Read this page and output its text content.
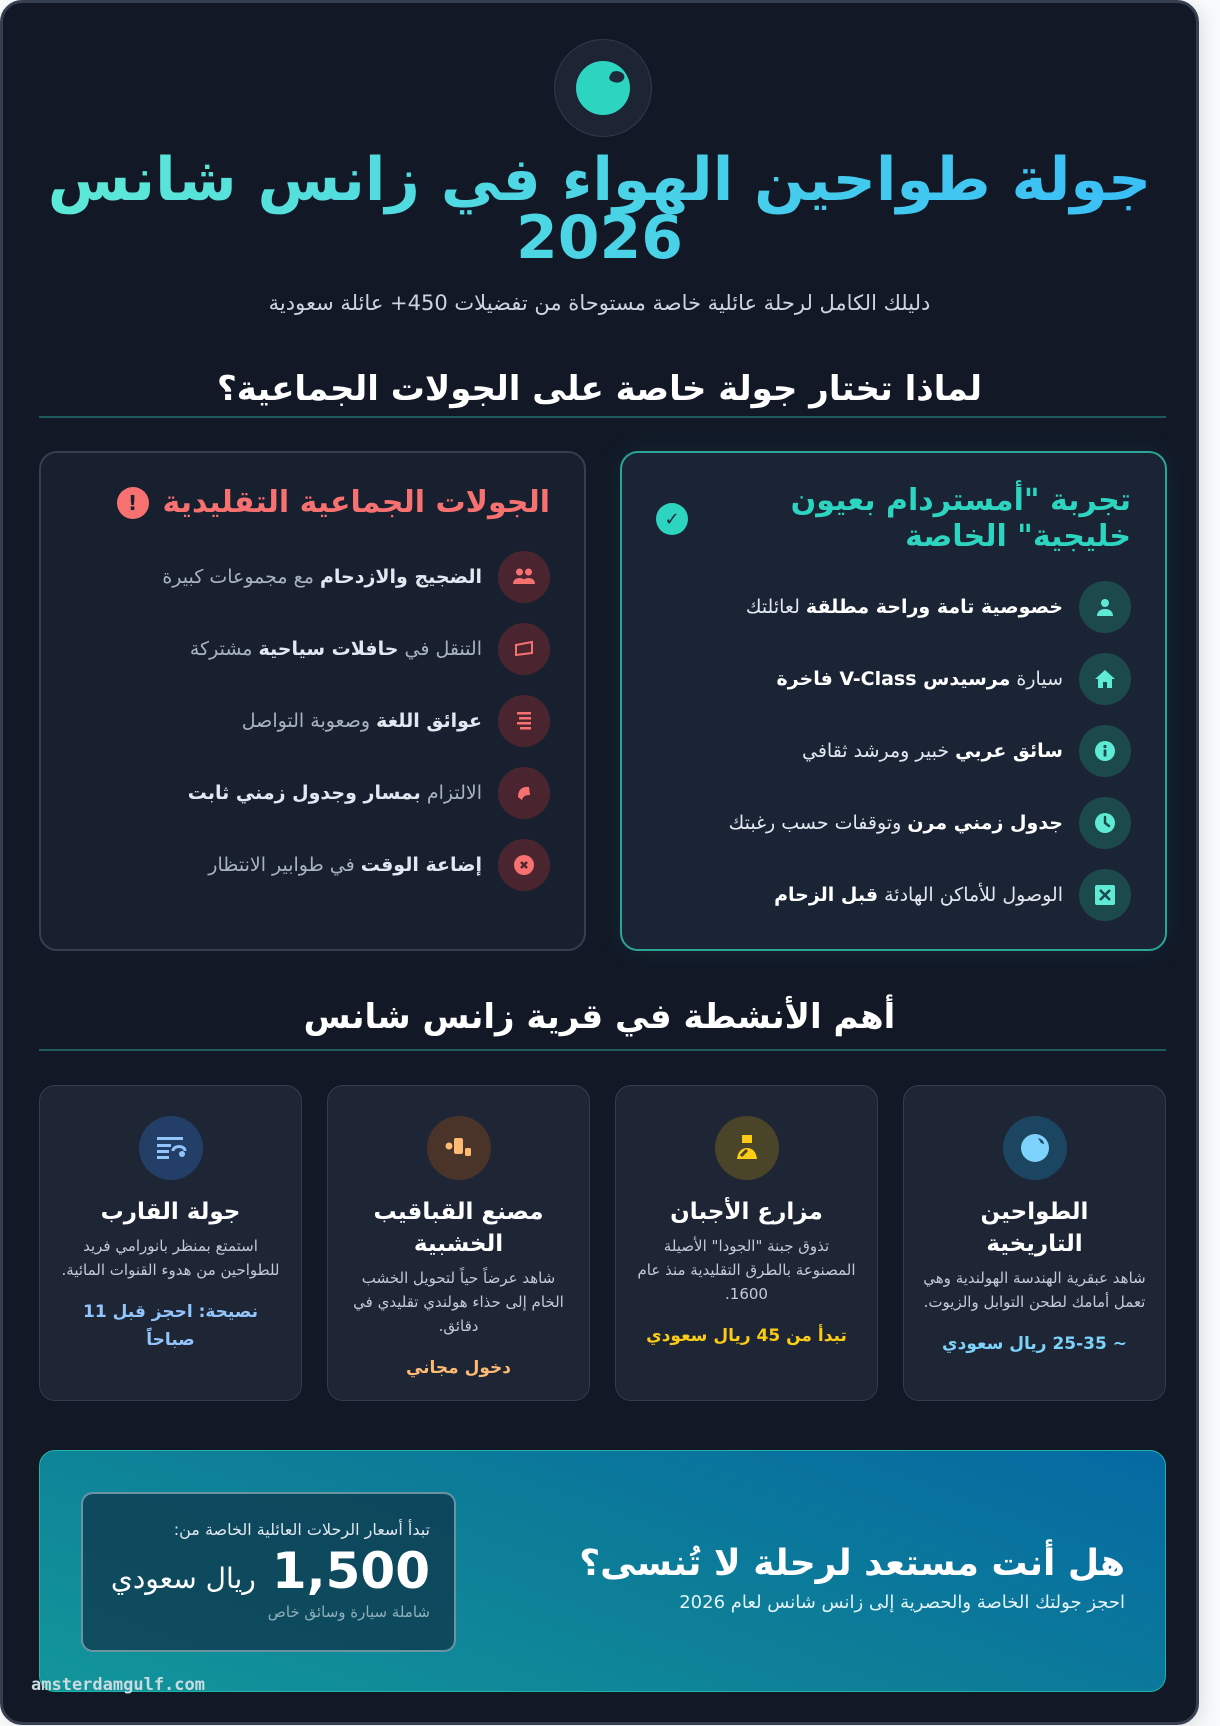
جولة طواحين الهواء في زانس شانس
2026
دليلك الكامل لرحلة عائلية خاصة مستوحاة من تفضيلات 450+ عائلة سعودية
لماذا تختار جولة خاصة على الجولات الجماعية؟
تجربة "أمستردام بعيون خليجية" الخاصة
✓
خصوصية تامة وراحة مطلقة لعائلتك
سيارة مرسيدس V-Class فاخرة
سائق عربي خبير ومرشد ثقافي
جدول زمني مرن وتوقفات حسب رغبتك
الوصول للأماكن الهادئة قبل الزحام
الجولات الجماعية التقليدية
!
الضجيج والازدحام مع مجموعات كبيرة
التنقل في حافلات سياحية مشتركة
عوائق اللغة وصعوبة التواصل
الالتزام بمسار وجدول زمني ثابت
إضاعة الوقت في طوابير الانتظار
أهم الأنشطة في قرية زانس شانس
الطواحين التاريخية
شاهد عبقرية الهندسة الهولندية وهي تعمل أمامك لطحن التوابل والزيوت.
~ 25-35 ريال سعودي
مزارع الأجبان
تذوق جبنة "الجودا" الأصيلة المصنوعة بالطرق التقليدية منذ عام 1600.
تبدأ من 45 ريال سعودي
مصنع القباقيب الخشبية
شاهد عرضاً حياً لتحويل الخشب الخام إلى حذاء هولندي تقليدي في دقائق.
دخول مجاني
جولة القارب
استمتع بمنظر بانورامي فريد للطواحين من هدوء القنوات المائية.
نصيحة: احجز قبل 11 صباحاً
هل أنت مستعد لرحلة لا تُنسى؟
احجز جولتك الخاصة والحصرية إلى زانس شانس لعام 2026
تبدأ أسعار الرحلات العائلية الخاصة من:
1,500
ريال سعودي
شاملة سيارة وسائق خاص
amsterdamgulf.com
